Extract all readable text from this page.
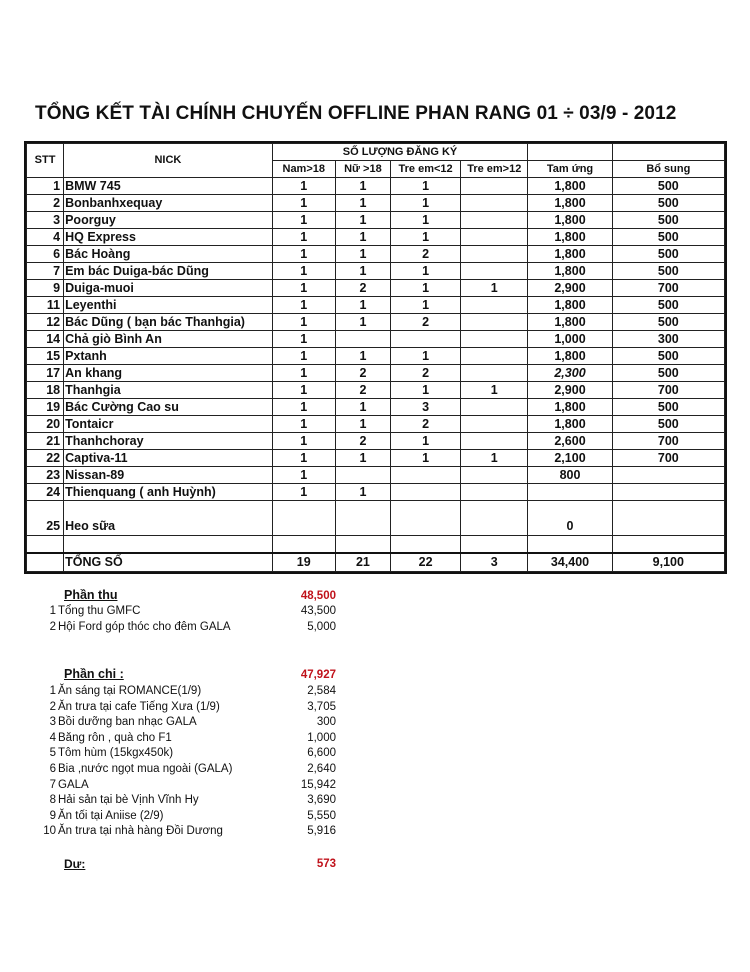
TỔNG KẾT TÀI CHÍNH CHUYẾN OFFLINE PHAN RANG 01 ÷ 03/9 - 2012
STT	NICK	SỐ LƯỢNG ĐĂNG KÝ					
		Nam>18	Nữ >18	Tre em<12	Tre em>12	Tam ứng	Bổ sung
1	BMW 745	1	1	1		1,800	500
2	Bonbanhxequay	1	1	1		1,800	500
3	Poorguy	1	1	1		1,800	500
4	HQ Express	1	1	1		1,800	500
6	Bác Hoàng	1	1	2		1,800	500
7	Em bác Duiga-bác Dũng	1	1	1		1,800	500
9	Duiga-muoi	1	2	1	1	2,900	700
11	Leyenthi	1	1	1		1,800	500
12	Bác Dũng ( bạn bác Thanhgia)	1	1	2		1,800	500
14	Chả giò Bình An	1				1,000	300
15	Pxtanh	1	1	1		1,800	500
17	An khang	1	2	2		2,300	500
18	Thanhgia	1	2	1	1	2,900	700
19	Bác Cường Cao su	1	1	3		1,800	500
20	Tontaicr	1	1	2		1,800	500
21	Thanhchoray	1	2	1		2,600	700
22	Captiva-11	1	1	1	1	2,100	700
23	Nissan-89	1				800	
24	Thienquang ( anh Huỳnh)	1	1				
25	Heo sữa					0	

	TỔNG SỐ	19	21	22	3	34,400	9,100
Phần thu	48,500
1 Tổng thu GMFC	43,500
2 Hội Ford góp thóc cho đêm GALA	5,000
Phần chi :	47,927
1 Ăn sáng tại ROMANCE(1/9)	2,584
2 Ăn trưa tại cafe Tiếng Xưa (1/9)	3,705
3 Bồi dưỡng ban nhạc GALA	300
4 Băng rôn , quà cho F1	1,000
5 Tôm hùm (15kgx450k)	6,600
6 Bia ,nước ngọt mua ngoài (GALA)	2,640
7 GALA	15,942
8 Hải sản tại bè Vịnh Vĩnh Hy	3,690
9 Ăn tối tại Aniise (2/9)	5,550
10 Ăn trưa tại nhà hàng Đồi Dương	5,916
Dư:	573
